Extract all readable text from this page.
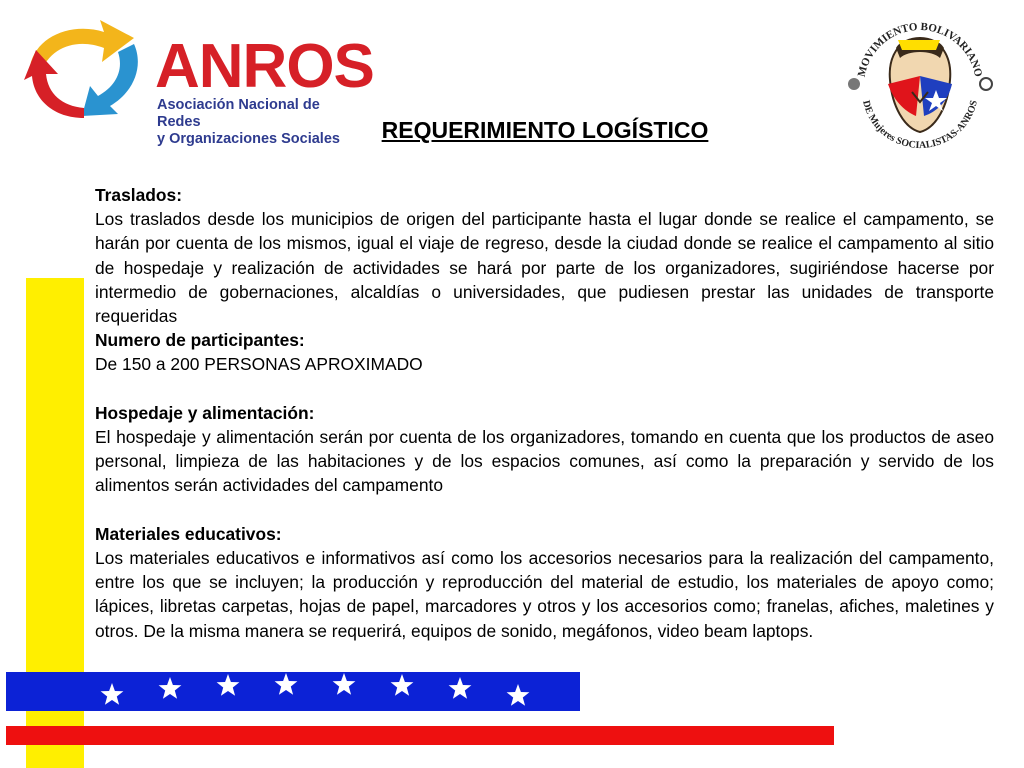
ANROS
Asociación Nacional de Redes
y Organizaciones Sociales
MOVIMIENTO BOLIVARIANO
DE Mujeres SOCIALISTAS-ANROS
REQUERIMIENTO LOGÍSTICO

Traslados:

Los traslados desde los municipios de origen del participante hasta el lugar donde se realice el campamento, se harán por cuenta de los mismos, igual el viaje de regreso, desde la ciudad donde se realice el campamento al sitio de hospedaje y realización de actividades se hará por parte de los organizadores, sugiriéndose hacerse por intermedio de gobernaciones, alcaldías o universidades, que pudiesen prestar las unidades de transporte requeridas

Numero de participantes:

De 150 a 200 PERSONAS APROXIMADO

Hospedaje y alimentación:

El hospedaje y alimentación serán por cuenta de los organizadores, tomando en cuenta que los productos de aseo personal, limpieza de las habitaciones y de los espacios comunes, así como la preparación y servido de los alimentos serán actividades del campamento

Materiales educativos:

Los materiales educativos e informativos así como los accesorios necesarios para la realización del campamento, entre los que se incluyen; la producción y reproducción del material de estudio, los materiales de apoyo como; lápices, libretas carpetas, hojas de papel, marcadores y otros y los accesorios como; franelas, afiches, maletines y otros. De la misma manera se requerirá, equipos de sonido, megáfonos, video beam laptops.
